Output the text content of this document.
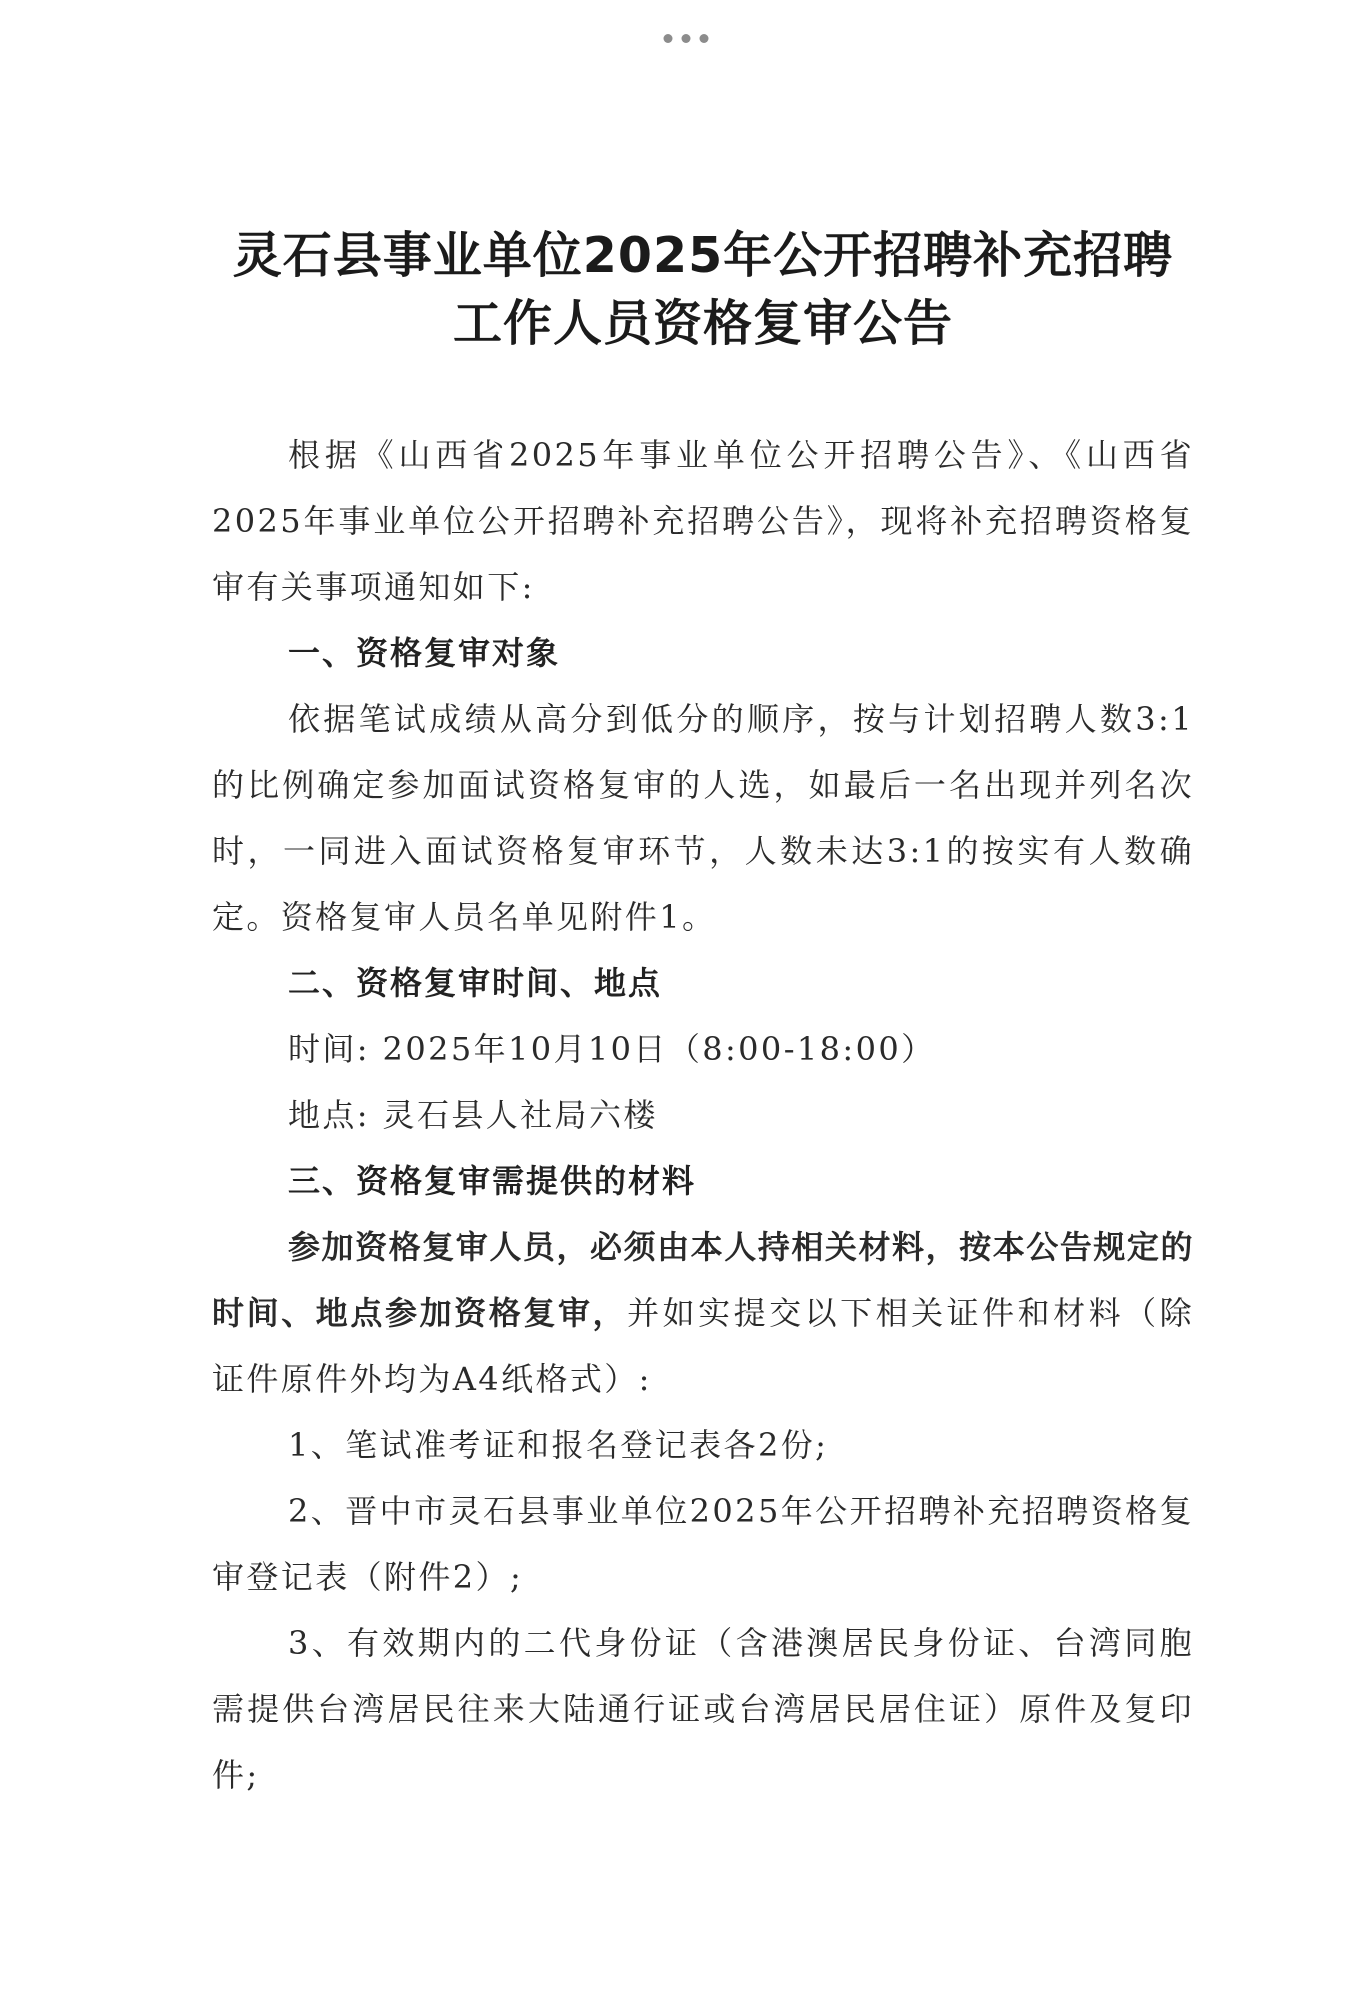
灵石县事业单位2025年公开招聘补充招聘
工作人员资格复审公告

根据《山西省2025年事业单位公开招聘公告》、《山西省2025年事业单位公开招聘补充招聘公告》，现将补充招聘资格复审有关事项通知如下:

一、资格复审对象

依据笔试成绩从高分到低分的顺序，按与计划招聘人数3:1的比例确定参加面试资格复审的人选，如最后一名出现并列名次时，一同进入面试资格复审环节，人数未达3:1的按实有人数确定。资格复审人员名单见附件1。

二、资格复审时间、地点

时间: 2025年10月10日（8:00-18:00）

地点: 灵石县人社局六楼

三、资格复审需提供的材料

参加资格复审人员，必须由本人持相关材料，按本公告规定的时间、地点参加资格复审，并如实提交以下相关证件和材料（除证件原件外均为A4纸格式）:

1、笔试准考证和报名登记表各2份;

2、晋中市灵石县事业单位2025年公开招聘补充招聘资格复审登记表（附件2）;

3、有效期内的二代身份证（含港澳居民身份证、台湾同胞需提供台湾居民往来大陆通行证或台湾居民居住证）原件及复印件;
